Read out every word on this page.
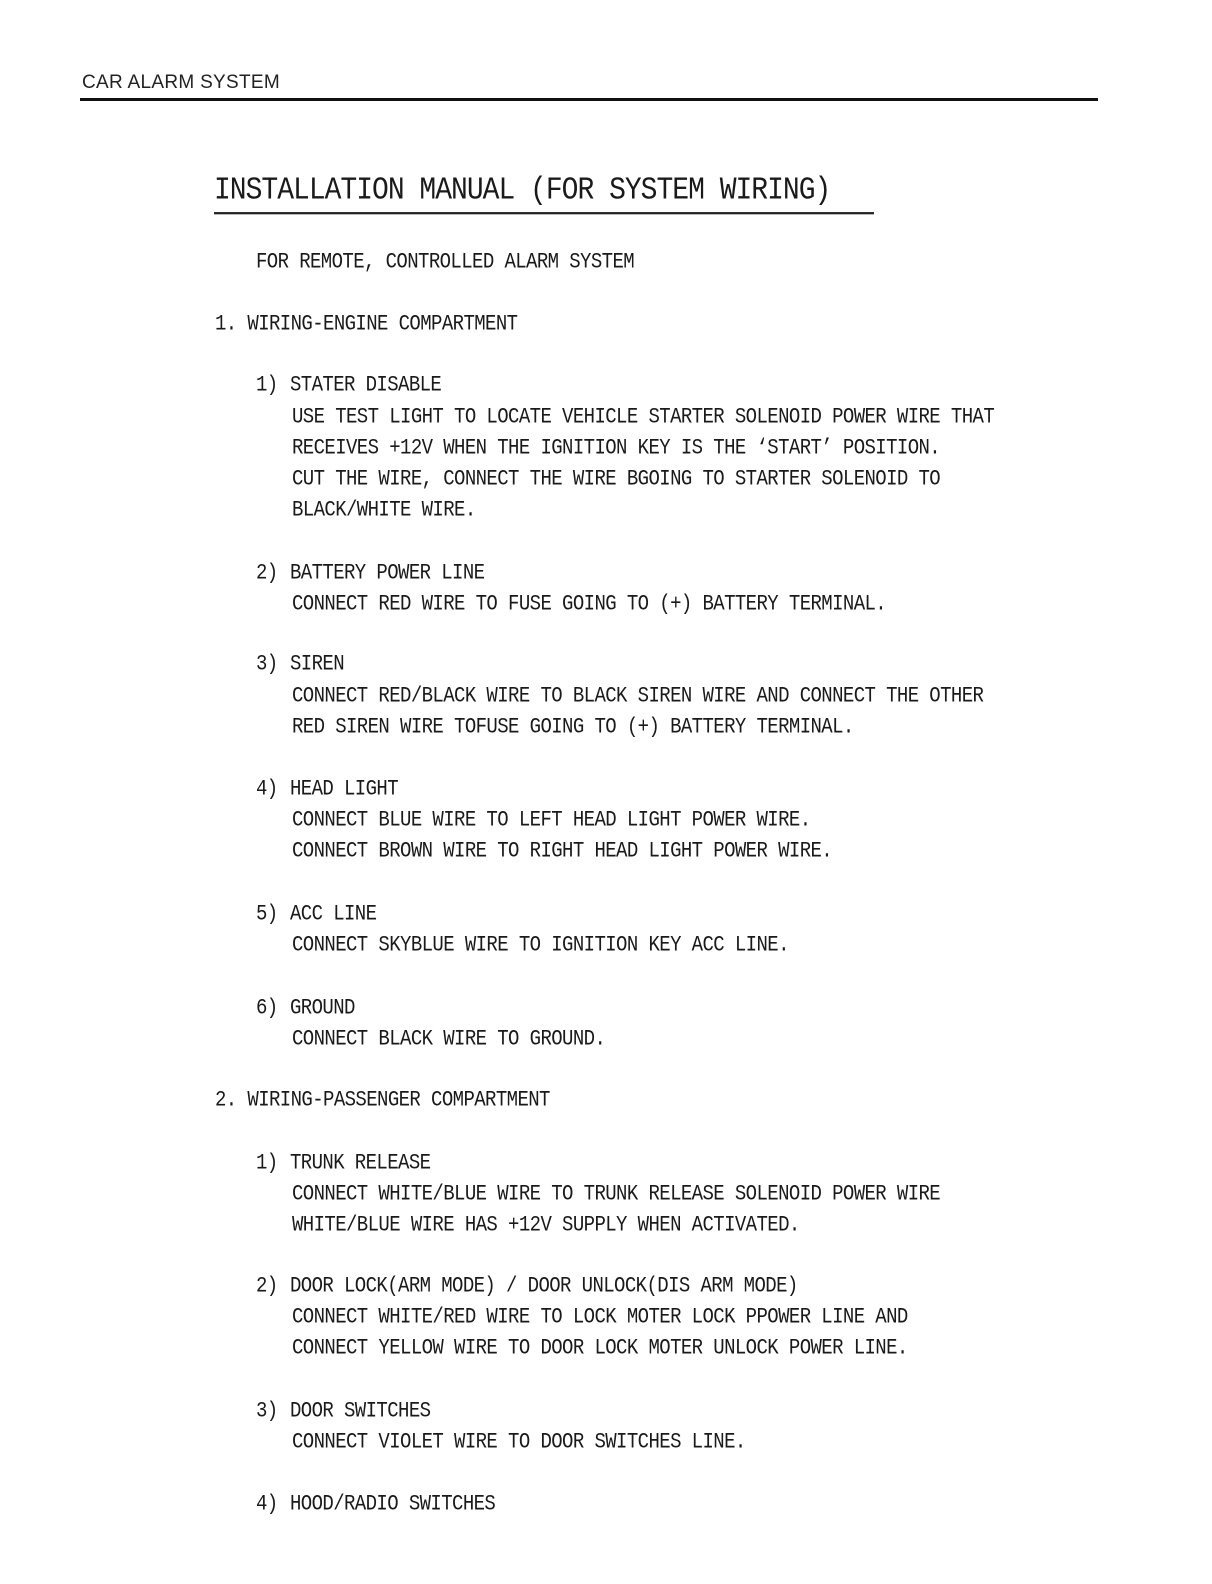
CAR ALARM SYSTEM
INSTALLATION MANUAL (FOR SYSTEM WIRING)

FOR REMOTE, CONTROLLED ALARM SYSTEM

1. WIRING-ENGINE COMPARTMENT

1) STATER DISABLE

USE TEST LIGHT TO LOCATE VEHICLE STARTER SOLENOID POWER WIRE THAT

RECEIVES +12V WHEN THE IGNITION KEY IS THE ‘START’ POSITION.

CUT THE WIRE, CONNECT THE WIRE BGOING TO STARTER SOLENOID TO

BLACK/WHITE WIRE.

2) BATTERY POWER LINE

CONNECT RED WIRE TO FUSE GOING TO (+) BATTERY TERMINAL.

3) SIREN

CONNECT RED/BLACK WIRE TO BLACK SIREN WIRE AND CONNECT THE OTHER

RED SIREN WIRE TOFUSE GOING TO (+) BATTERY TERMINAL.

4) HEAD LIGHT

CONNECT BLUE WIRE TO LEFT HEAD LIGHT POWER WIRE.

CONNECT BROWN WIRE TO RIGHT HEAD LIGHT POWER WIRE.

5) ACC LINE

CONNECT SKYBLUE WIRE TO IGNITION KEY ACC LINE.

6) GROUND

CONNECT BLACK WIRE TO GROUND.

2. WIRING-PASSENGER COMPARTMENT

1) TRUNK RELEASE

CONNECT WHITE/BLUE WIRE TO TRUNK RELEASE SOLENOID POWER WIRE

WHITE/BLUE WIRE HAS +12V SUPPLY WHEN ACTIVATED.

2) DOOR LOCK(ARM MODE) / DOOR UNLOCK(DIS ARM MODE)

CONNECT WHITE/RED WIRE TO LOCK MOTER LOCK PPOWER LINE AND

CONNECT YELLOW WIRE TO DOOR LOCK MOTER UNLOCK POWER LINE.

3) DOOR SWITCHES

CONNECT VIOLET WIRE TO DOOR SWITCHES LINE.

4) HOOD/RADIO SWITCHES
